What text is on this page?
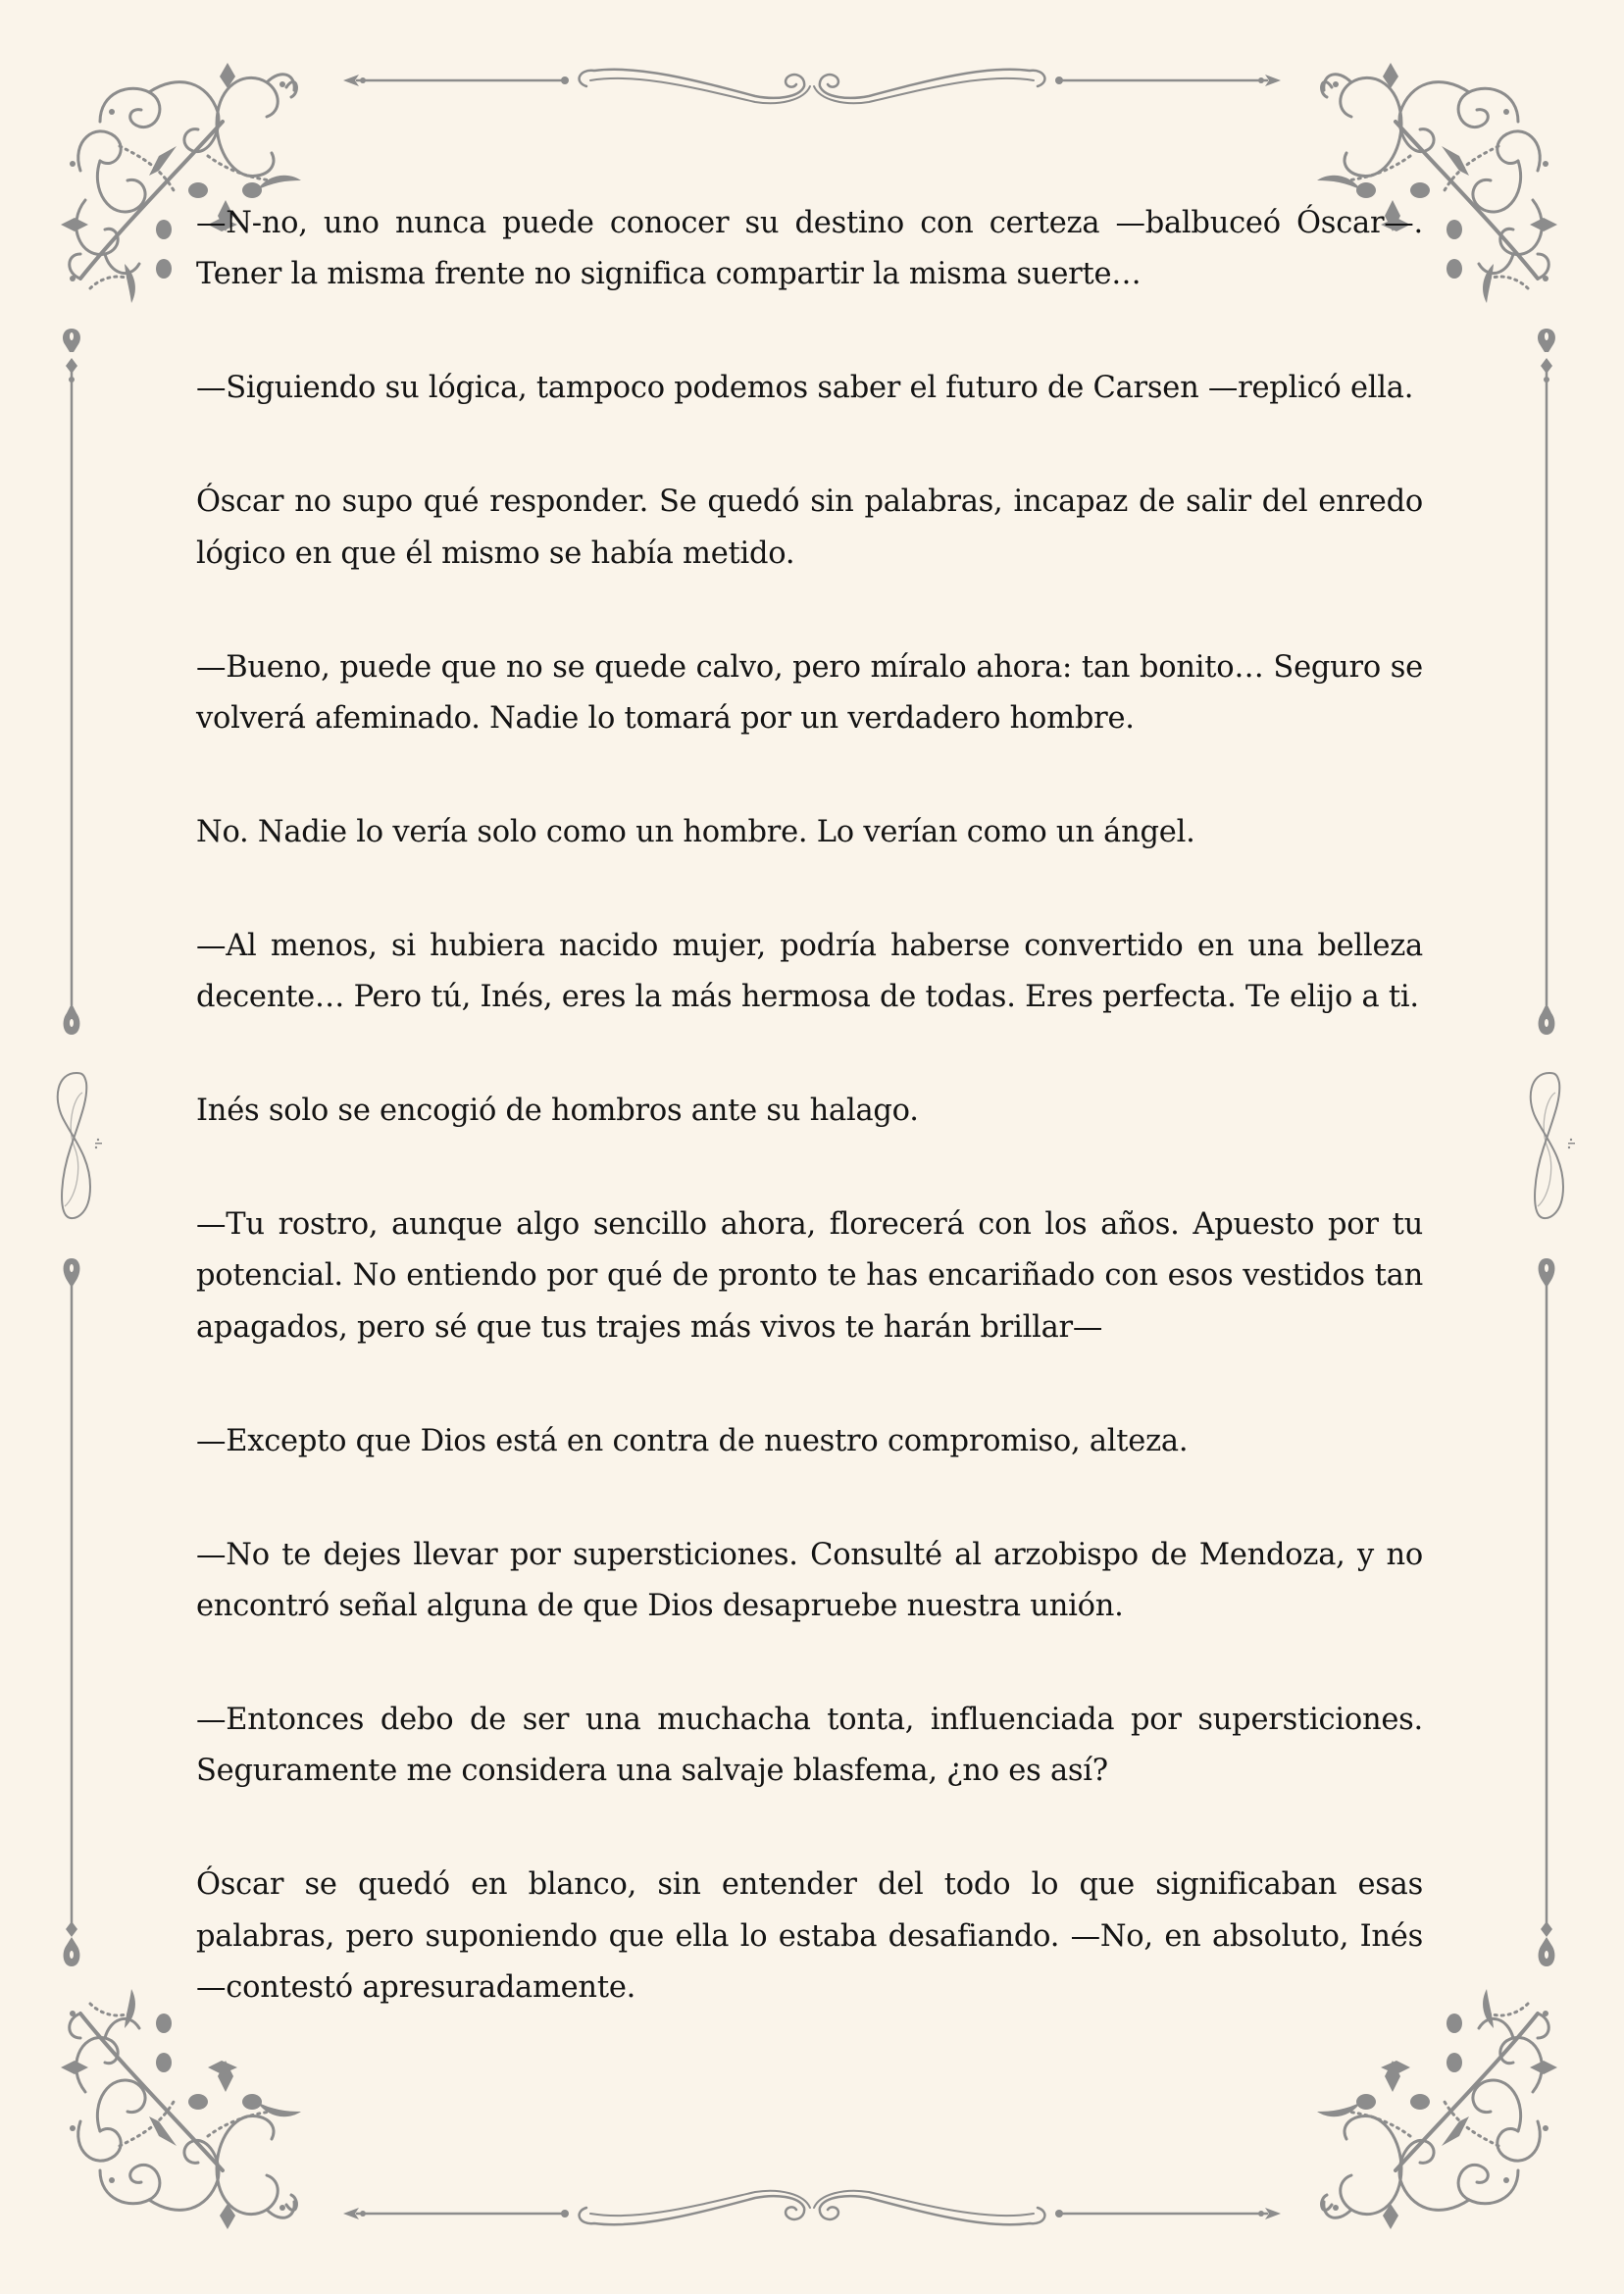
—N-no, uno nunca puede conocer su destino con certeza —balbuceó Óscar—. Tener la misma frente no significa compartir la misma suerte…

—Siguiendo su lógica, tampoco podemos saber el futuro de Carsen —replicó ella.

Óscar no supo qué responder. Se quedó sin palabras, incapaz de salir del enredo lógico en que él mismo se había metido.

—Bueno, puede que no se quede calvo, pero míralo ahora: tan bonito… Seguro se volverá afeminado. Nadie lo tomará por un verdadero hombre.

No. Nadie lo vería solo como un hombre. Lo verían como un ángel.

—Al menos, si hubiera nacido mujer, podría haberse convertido en una belleza decente… Pero tú, Inés, eres la más hermosa de todas. Eres perfecta. Te elijo a ti.

Inés solo se encogió de hombros ante su halago.

—Tu rostro, aunque algo sencillo ahora, florecerá con los años. Apuesto por tu potencial. No entiendo por qué de pronto te has encariñado con esos vestidos tan apagados, pero sé que tus trajes más vivos te harán brillar—

—Excepto que Dios está en contra de nuestro compromiso, alteza.

—No te dejes llevar por supersticiones. Consulté al arzobispo de Mendoza, y no encontró señal alguna de que Dios desapruebe nuestra unión.

—Entonces debo de ser una muchacha tonta, influenciada por supersticiones. Seguramente me considera una salvaje blasfema, ¿no es así?

Óscar se quedó en blanco, sin entender del todo lo que significaban esas palabras, pero suponiendo que ella lo estaba desafiando. —No, en absoluto, Inés —contestó apresuradamente.
